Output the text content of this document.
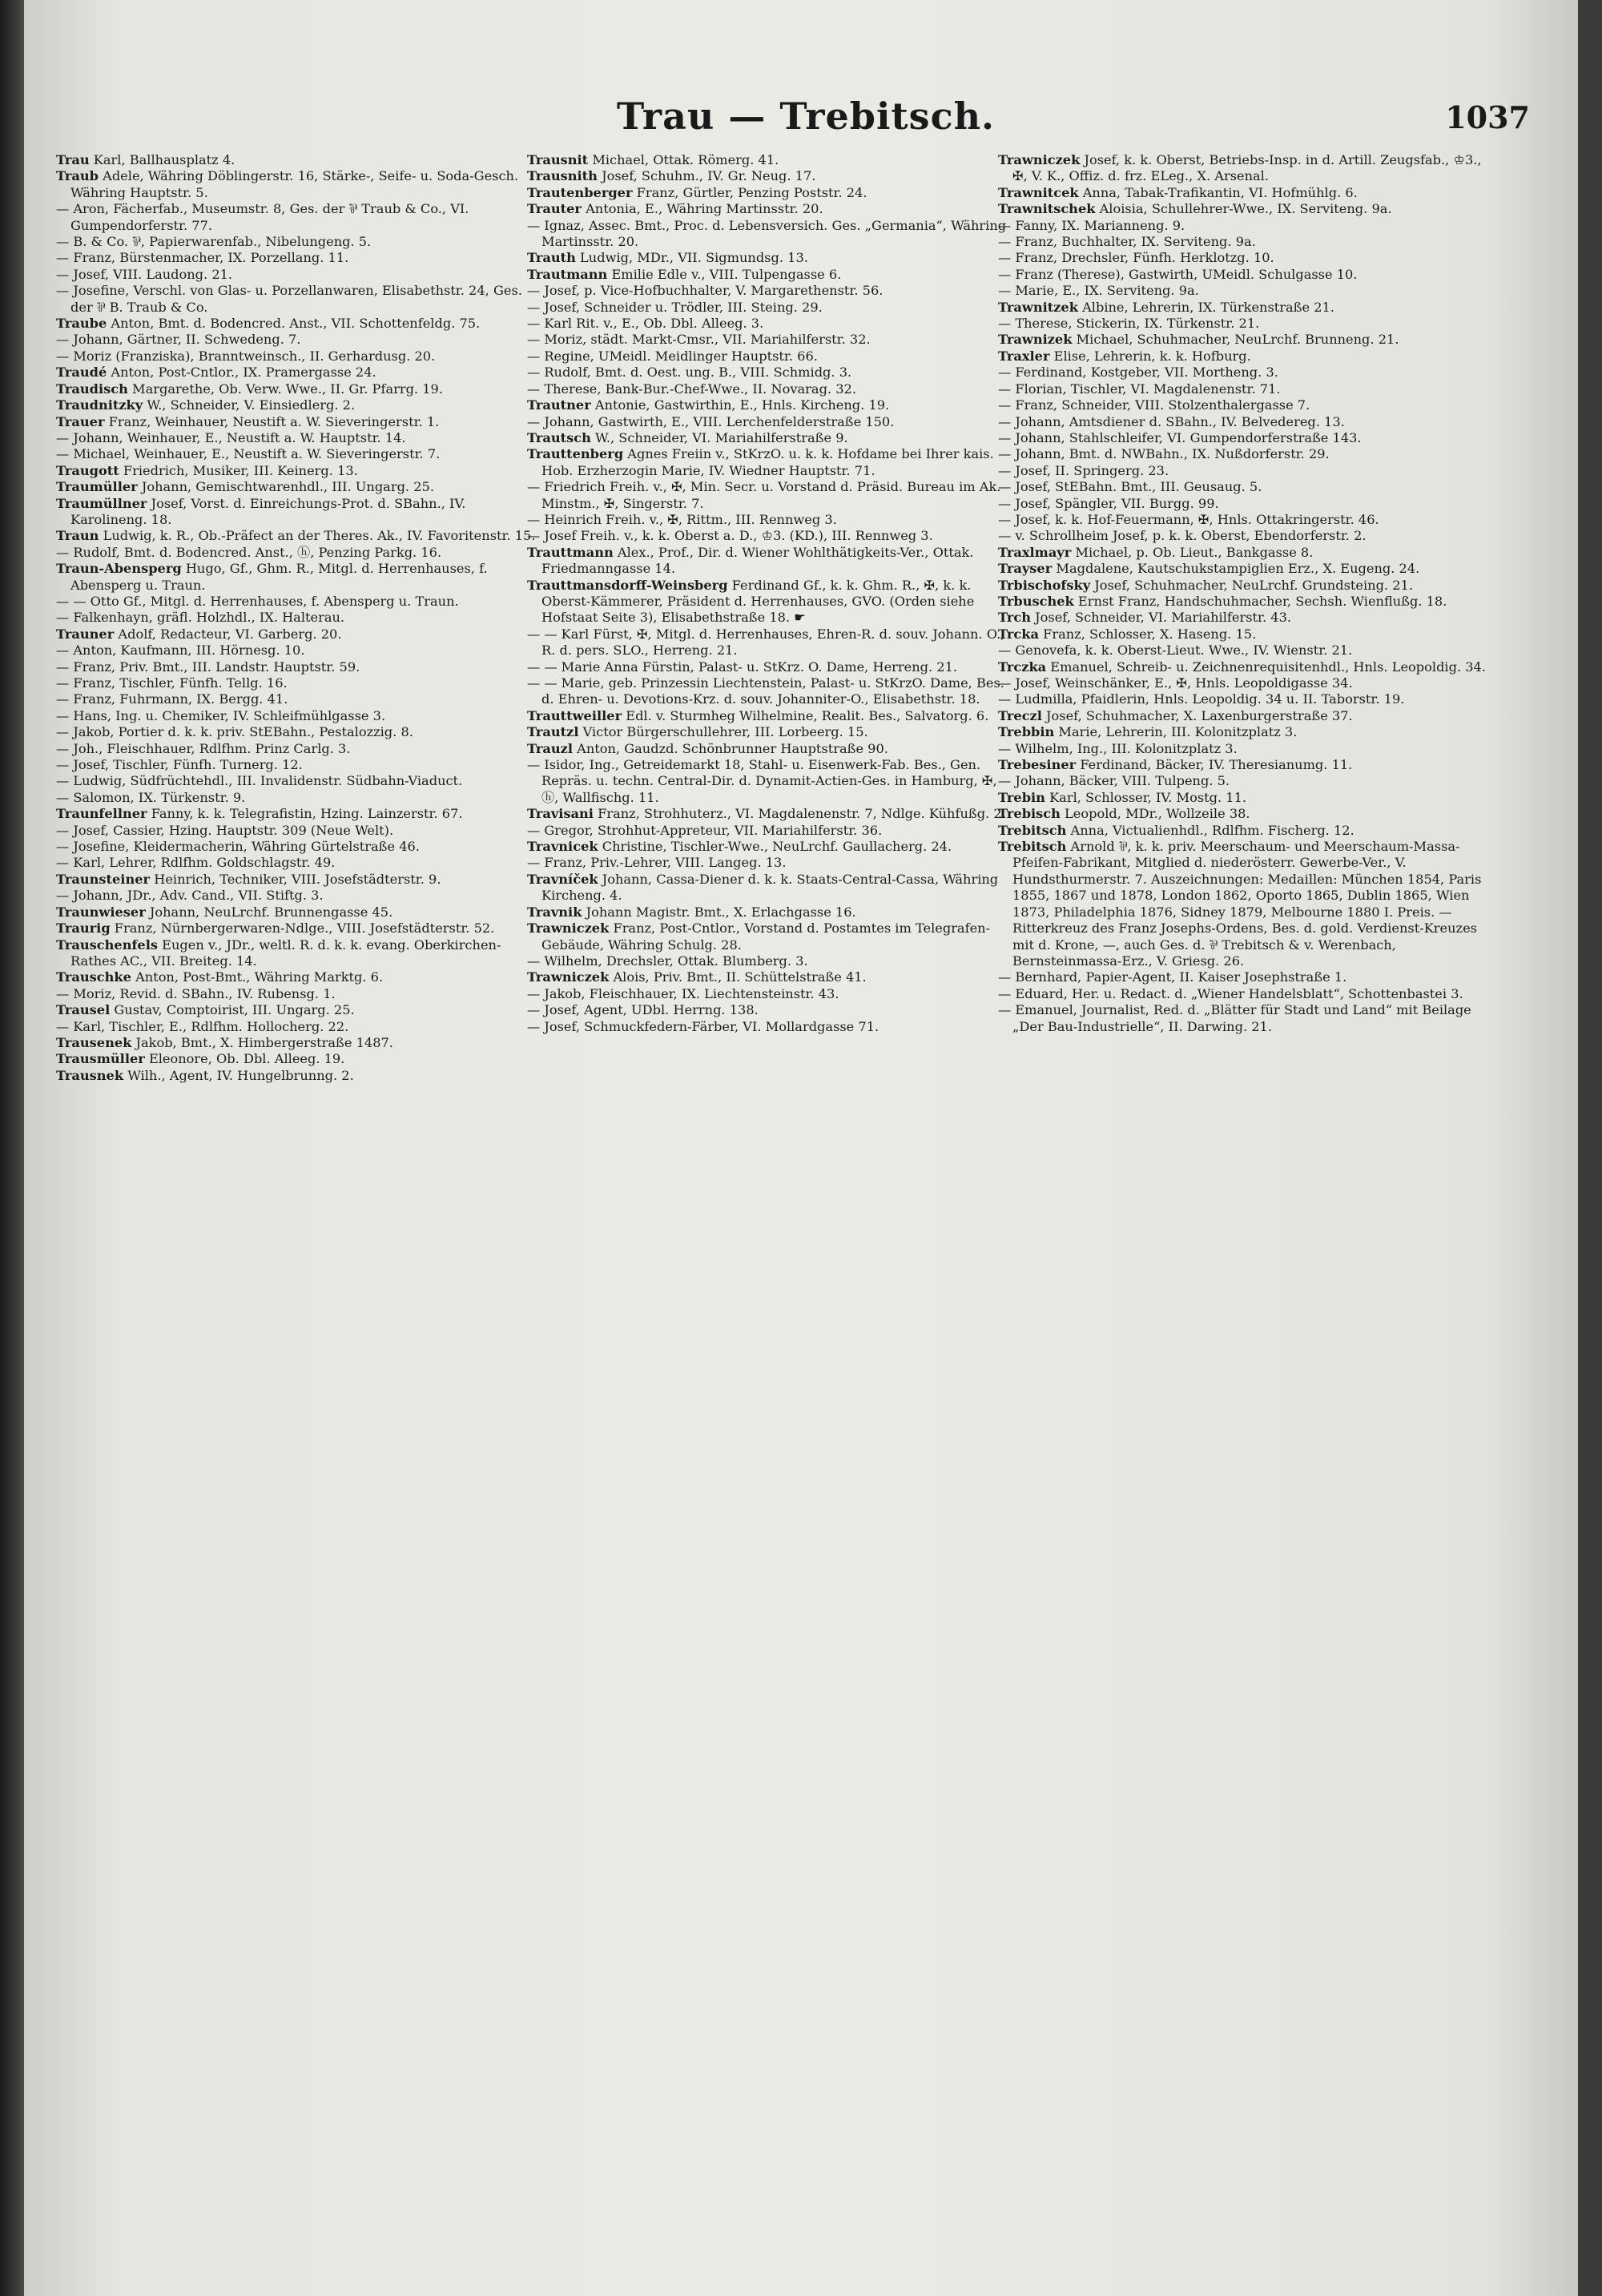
Trau — Trebitsch.	1037

Trau Karl, Ballhausplatz 4.

Traub Adele, Währing Döblingerstr. 16, Stärke-, Seife- u. Soda-Gesch. Währing Hauptstr. 5.

— Aron, Fächerfab., Museumstr. 8, Ges. der ⅌ Traub & Co., VI. Gumpendorferstr. 77.

— B. & Co. ⅌, Papierwarenfab., Nibelungeng. 5.

— Franz, Bürstenmacher, IX. Porzellang. 11.

— Josef, VIII. Laudong. 21.

— Josefine, Verschl. von Glas- u. Porzellanwaren, Elisabethstr. 24, Ges. der ⅌ B. Traub & Co.

Traube Anton, Bmt. d. Bodencred. Anst., VII. Schottenfeldg. 75.

— Johann, Gärtner, II. Schwedeng. 7.

— Moriz (Franziska), Branntweinsch., II. Gerhardusg. 20.

Traudé Anton, Post-Cntlor., IX. Pramergasse 24.

Traudisch Margarethe, Ob. Verw. Wwe., II. Gr. Pfarrg. 19.

Traudnitzky W., Schneider, V. Einsiedlerg. 2.

Trauer Franz, Weinhauer, Neustift a. W. Sieveringerstr. 1.

— Johann, Weinhauer, E., Neustift a. W. Hauptstr. 14.

— Michael, Weinhauer, E., Neustift a. W. Sieveringerstr. 7.

Traugott Friedrich, Musiker, III. Keinerg. 13.

Traumüller Johann, Gemischtwarenhdl., III. Ungarg. 25.

Traumüllner Josef, Vorst. d. Einreichungs-Prot. d. SBahn., IV. Karolineng. 18.

Traun Ludwig, k. R., Ob.-Präfect an der Theres. Ak., IV. Favoritenstr. 15.

— Rudolf, Bmt. d. Bodencred. Anst., ⓗ, Penzing Parkg. 16.

Traun-Abensperg Hugo, Gf., Ghm. R., Mitgl. d. Herrenhauses, f. Abensperg u. Traun.

— — Otto Gf., Mitgl. d. Herrenhauses, f. Abensperg u. Traun.

— Falkenhayn, gräfl. Holzhdl., IX. Halterau.

Trauner Adolf, Redacteur, VI. Garberg. 20.

— Anton, Kaufmann, III. Hörnesg. 10.

— Franz, Priv. Bmt., III. Landstr. Hauptstr. 59.

— Franz, Tischler, Fünfh. Tellg. 16.

— Franz, Fuhrmann, IX. Bergg. 41.

— Hans, Ing. u. Chemiker, IV. Schleifmühlgasse 3.

— Jakob, Portier d. k. k. priv. StEBahn., Pestalozzig. 8.

— Joh., Fleischhauer, Rdlfhm. Prinz Carlg. 3.

— Josef, Tischler, Fünfh. Turnerg. 12.

— Ludwig, Südfrüchtehdl., III. Invalidenstr. Südbahn-Viaduct.

— Salomon, IX. Türkenstr. 9.

Traunfellner Fanny, k. k. Telegrafistin, Hzing. Lainzerstr. 67.

— Josef, Cassier, Hzing. Hauptstr. 309 (Neue Welt).

— Josefine, Kleidermacherin, Währing Gürtelstraße 46.

— Karl, Lehrer, Rdlfhm. Goldschlagstr. 49.

Traunsteiner Heinrich, Techniker, VIII. Josefstädterstr. 9.

— Johann, JDr., Adv. Cand., VII. Stiftg. 3.

Traunwieser Johann, NeuLrchf. Brunnengasse 45.

Traurig Franz, Nürnbergerwaren-Ndlge., VIII. Josefstädterstr. 52.

Trauschenfels Eugen v., JDr., weltl. R. d. k. k. evang. Oberkirchen-Rathes AC., VII. Breiteg. 14.

Trauschke Anton, Post-Bmt., Währing Marktg. 6.

— Moriz, Revid. d. SBahn., IV. Rubensg. 1.

Trausel Gustav, Comptoirist, III. Ungarg. 25.

— Karl, Tischler, E., Rdlfhm. Hollocherg. 22.

Trausenek Jakob, Bmt., X. Himbergerstraße 1487.

Trausmüller Eleonore, Ob. Dbl. Alleeg. 19.

Trausnek Wilh., Agent, IV. Hungelbrunng. 2.

Trausnit Michael, Ottak. Römerg. 41.

Trausnith Josef, Schuhm., IV. Gr. Neug. 17.

Trautenberger Franz, Gürtler, Penzing Poststr. 24.

Trauter Antonia, E., Währing Martinsstr. 20.

— Ignaz, Assec. Bmt., Proc. d. Lebensversich. Ges. „Germania“, Währing Martinsstr. 20.

Trauth Ludwig, MDr., VII. Sigmundsg. 13.

Trautmann Emilie Edle v., VIII. Tulpengasse 6.

— Josef, p. Vice-Hofbuchhalter, V. Margarethenstr. 56.

— Josef, Schneider u. Trödler, III. Steing. 29.

— Karl Rit. v., E., Ob. Dbl. Alleeg. 3.

— Moriz, städt. Markt-Cmsr., VII. Mariahilferstr. 32.

— Regine, UMeidl. Meidlinger Hauptstr. 66.

— Rudolf, Bmt. d. Oest. ung. B., VIII. Schmidg. 3.

— Therese, Bank-Bur.-Chef-Wwe., II. Novarag. 32.

Trautner Antonie, Gastwirthin, E., Hnls. Kircheng. 19.

— Johann, Gastwirth, E., VIII. Lerchenfelderstraße 150.

Trautsch W., Schneider, VI. Mariahilferstraße 9.

Trauttenberg Agnes Freiin v., StKrzO. u. k. k. Hofdame bei Ihrer kais. Hob. Erzherzogin Marie, IV. Wiedner Hauptstr. 71.

— Friedrich Freih. v., ✠, Min. Secr. u. Vorstand d. Präsid. Bureau im Ak. Minstm., ✠, Singerstr. 7.

— Heinrich Freih. v., ✠, Rittm., III. Rennweg 3.

— Josef Freih. v., k. k. Oberst a. D., ♔3. (KD.), III. Rennweg 3.

Trauttmann Alex., Prof., Dir. d. Wiener Wohlthätigkeits-Ver., Ottak. Friedmanngasse 14.

Trauttmansdorff-Weinsberg Ferdinand Gf., k. k. Ghm. R., ✠, k. k. Oberst-Kämmerer, Präsident d. Herrenhauses, GVO. (Orden siehe Hofstaat Seite 3), Elisabethstraße 18. ☛

— — Karl Fürst, ✠, Mitgl. d. Herrenhauses, Ehren-R. d. souv. Johann. O., R. d. pers. SLO., Herreng. 21.

— — Marie Anna Fürstin, Palast- u. StKrz. O. Dame, Herreng. 21.

— — Marie, geb. Prinzessin Liechtenstein, Palast- u. StKrzO. Dame, Bes. d. Ehren- u. Devotions-Krz. d. souv. Johanniter-O., Elisabethstr. 18.

Trauttweiller Edl. v. Sturmheg Wilhelmine, Realit. Bes., Salvatorg. 6.

Trautzl Victor Bürgerschullehrer, III. Lorbeerg. 15.

Trauzl Anton, Gaudzd. Schönbrunner Hauptstraße 90.

— Isidor, Ing., Getreidemarkt 18, Stahl- u. Eisenwerk-Fab. Bes., Gen. Repräs. u. techn. Central-Dir. d. Dynamit-Actien-Ges. in Hamburg, ✠, ⓗ, Wallfischg. 11.

Travisani Franz, Strohhuterz., VI. Magdalenenstr. 7, Ndlge. Kühfußg. 2.

— Gregor, Strohhut-Appreteur, VII. Mariahilferstr. 36.

Travnicek Christine, Tischler-Wwe., NeuLrchf. Gaullacherg. 24.

— Franz, Priv.-Lehrer, VIII. Langeg. 13.

Travníček Johann, Cassa-Diener d. k. k. Staats-Central-Cassa, Währing Kircheng. 4.

Travnik Johann Magistr. Bmt., X. Erlachgasse 16.

Trawniczek Franz, Post-Cntlor., Vorstand d. Postamtes im Telegrafen-Gebäude, Währing Schulg. 28.

— Wilhelm, Drechsler, Ottak. Blumberg. 3.

Trawniczek Alois, Priv. Bmt., II. Schüttelstraße 41.

— Jakob, Fleischhauer, IX. Liechtensteinstr. 43.

— Josef, Agent, UDbl. Herrng. 138.

— Josef, Schmuckfedern-Färber, VI. Mollardgasse 71.

Trawniczek Josef, k. k. Oberst, Betriebs-Insp. in d. Artill. Zeugsfab., ♔3., ✠, V. K., Offiz. d. frz. ELeg., X. Arsenal.

Trawnitcek Anna, Tabak-Trafikantin, VI. Hofmühlg. 6.

Trawnitschek Aloisia, Schullehrer-Wwe., IX. Serviteng. 9a.

— Fanny, IX. Marianneng. 9.

— Franz, Buchhalter, IX. Serviteng. 9a.

— Franz, Drechsler, Fünfh. Herklotzg. 10.

— Franz (Therese), Gastwirth, UMeidl. Schulgasse 10.

— Marie, E., IX. Serviteng. 9a.

Trawnitzek Albine, Lehrerin, IX. Türkenstraße 21.

— Therese, Stickerin, IX. Türkenstr. 21.

Trawnizek Michael, Schuhmacher, NeuLrchf. Brunneng. 21.

Traxler Elise, Lehrerin, k. k. Hofburg.

— Ferdinand, Kostgeber, VII. Mortheng. 3.

— Florian, Tischler, VI. Magdalenenstr. 71.

— Franz, Schneider, VIII. Stolzenthalergasse 7.

— Johann, Amtsdiener d. SBahn., IV. Belvedereg. 13.

— Johann, Stahlschleifer, VI. Gumpendorferstraße 143.

— Johann, Bmt. d. NWBahn., IX. Nußdorferstr. 29.

— Josef, II. Springerg. 23.

— Josef, StEBahn. Bmt., III. Geusaug. 5.

— Josef, Spängler, VII. Burgg. 99.

— Josef, k. k. Hof-Feuermann, ✠, Hnls. Ottakringerstr. 46.

— v. Schrollheim Josef, p. k. k. Oberst, Ebendorferstr. 2.

Traxlmayr Michael, p. Ob. Lieut., Bankgasse 8.

Trayser Magdalene, Kautschukstampiglien Erz., X. Eugeng. 24.

Trbischofsky Josef, Schuhmacher, NeuLrchf. Grundsteing. 21.

Trbuschek Ernst Franz, Handschuhmacher, Sechsh. Wienflußg. 18.

Trch Josef, Schneider, VI. Mariahilferstr. 43.

Trcka Franz, Schlosser, X. Haseng. 15.

— Genovefa, k. k. Oberst-Lieut. Wwe., IV. Wienstr. 21.

Trczka Emanuel, Schreib- u. Zeichnenrequisitenhdl., Hnls. Leopoldig. 34.

— Josef, Weinschänker, E., ✠, Hnls. Leopoldigasse 34.

— Ludmilla, Pfaidlerin, Hnls. Leopoldig. 34 u. II. Taborstr. 19.

Treczl Josef, Schuhmacher, X. Laxenburgerstraße 37.

Trebbin Marie, Lehrerin, III. Kolonitzplatz 3.

— Wilhelm, Ing., III. Kolonitzplatz 3.

Trebesiner Ferdinand, Bäcker, IV. Theresianumg. 11.

— Johann, Bäcker, VIII. Tulpeng. 5.

Trebin Karl, Schlosser, IV. Mostg. 11.

Trebisch Leopold, MDr., Wollzeile 38.

Trebitsch Anna, Victualienhdl., Rdlfhm. Fischerg. 12.

Trebitsch Arnold ⅌, k. k. priv. Meerschaum- und Meerschaum-Massa-Pfeifen-Fabrikant, Mitglied d. niederösterr. Gewerbe-Ver., V. Hundsthurmerstr. 7. Auszeichnungen: Medaillen: München 1854, Paris 1855, 1867 und 1878, London 1862, Oporto 1865, Dublin 1865, Wien 1873, Philadelphia 1876, Sidney 1879, Melbourne 1880 I. Preis. — Ritterkreuz des Franz Josephs-Ordens, Bes. d. gold. Verdienst-Kreuzes mit d. Krone, —, auch Ges. d. ⅌ Trebitsch & v. Werenbach, Bernsteinmassa-Erz., V. Griesg. 26.

— Bernhard, Papier-Agent, II. Kaiser Josephstraße 1.

— Eduard, Her. u. Redact. d. „Wiener Handelsblatt“, Schottenbastei 3.

— Emanuel, Journalist, Red. d. „Blätter für Stadt und Land“ mit Beilage „Der Bau-Industrielle“, II. Darwing. 21.
